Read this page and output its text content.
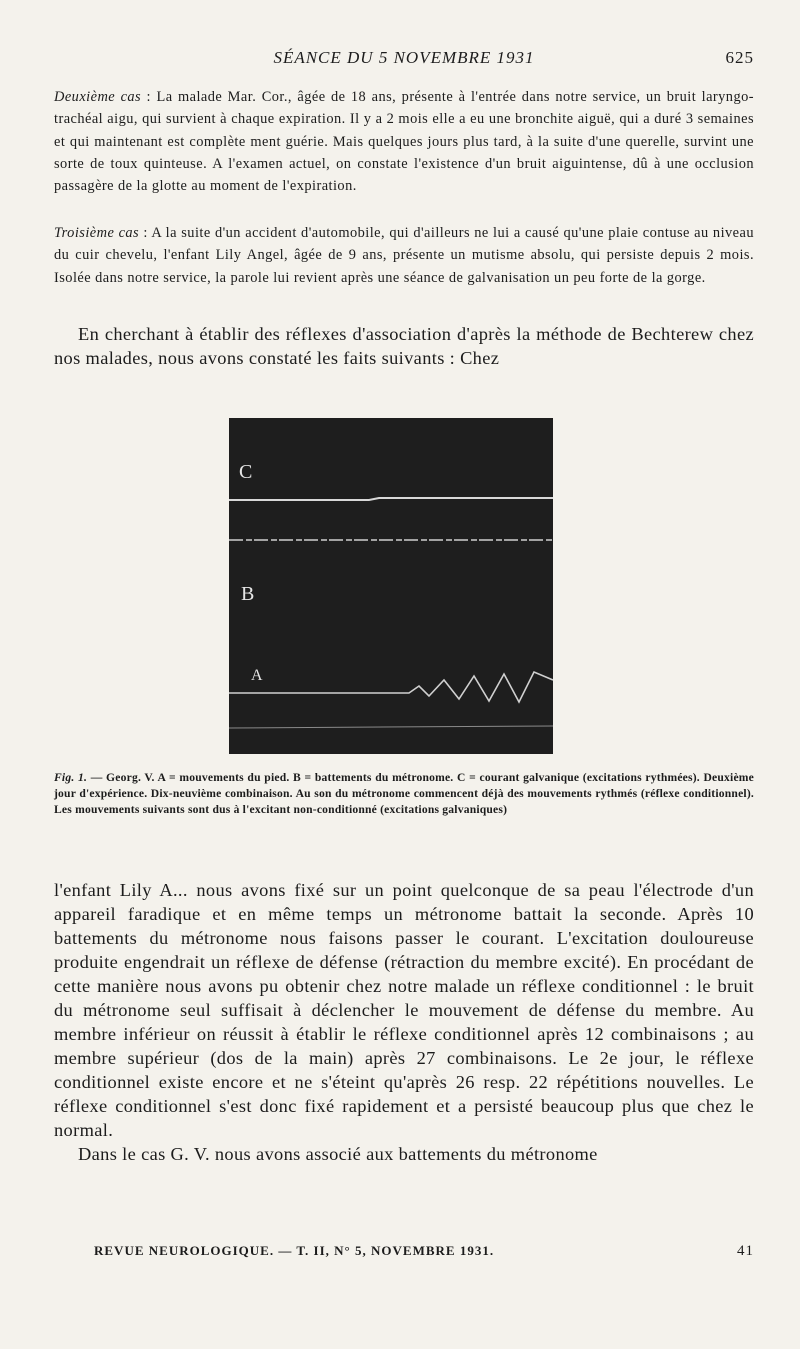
SÉANCE DU 5 NOVEMBRE 1931	625
Deuxième cas : La malade Mar. Cor., âgée de 18 ans, présente à l'entrée dans notre service, un bruit laryngo-trachéal aigu, qui survient à chaque expiration. Il y a 2 mois elle a eu une bronchite aiguë, qui a duré 3 semaines et qui maintenant est complète ment guérie. Mais quelques jours plus tard, à la suite d'une querelle, survint une sorte de toux quinteuse. A l'examen actuel, on constate l'existence d'un bruit aiguintense, dû à une occlusion passagère de la glotte au moment de l'expiration.
Troisième cas : A la suite d'un accident d'automobile, qui d'ailleurs ne lui a causé qu'une plaie contuse au niveau du cuir chevelu, l'enfant Lily Angel, âgée de 9 ans, présente un mutisme absolu, qui persiste depuis 2 mois. Isolée dans notre service, la parole lui revient après une séance de galvanisation un peu forte de la gorge.
En cherchant à établir des réflexes d'association d'après la méthode de Bechterew chez nos malades, nous avons constaté les faits suivants : Chez
C
B
A
Fig. 1. — Georg. V. A = mouvements du pied. B = battements du métronome. C = courant galvanique (excitations rythmées). Deuxième jour d'expérience. Dix-neuvième combinaison. Au son du métronome commencent déjà des mouvements rythmés (réflexe conditionnel). Les mouvements suivants sont dus à l'excitant non-conditionné (excitations galvaniques)
l'enfant Lily A... nous avons fixé sur un point quelconque de sa peau l'électrode d'un appareil faradique et en même temps un métronome battait la seconde. Après 10 battements du métronome nous faisons passer le courant. L'excitation douloureuse produite engendrait un réflexe de défense (rétraction du membre excité). En procédant de cette manière nous avons pu obtenir chez notre malade un réflexe conditionnel : le bruit du métronome seul suffisait à déclencher le mouvement de défense du membre. Au membre inférieur on réussit à établir le réflexe conditionnel après 12 combinaisons ; au membre supérieur (dos de la main) après 27 combinaisons. Le 2e jour, le réflexe conditionnel existe encore et ne s'éteint qu'après 26 resp. 22 répétitions nouvelles. Le réflexe conditionnel s'est donc fixé rapidement et a persisté beaucoup plus que chez le normal.
Dans le cas G. V. nous avons associé aux battements du métronome
REVUE NEUROLOGIQUE. — T. II, N° 5, NOVEMBRE 1931.	41
